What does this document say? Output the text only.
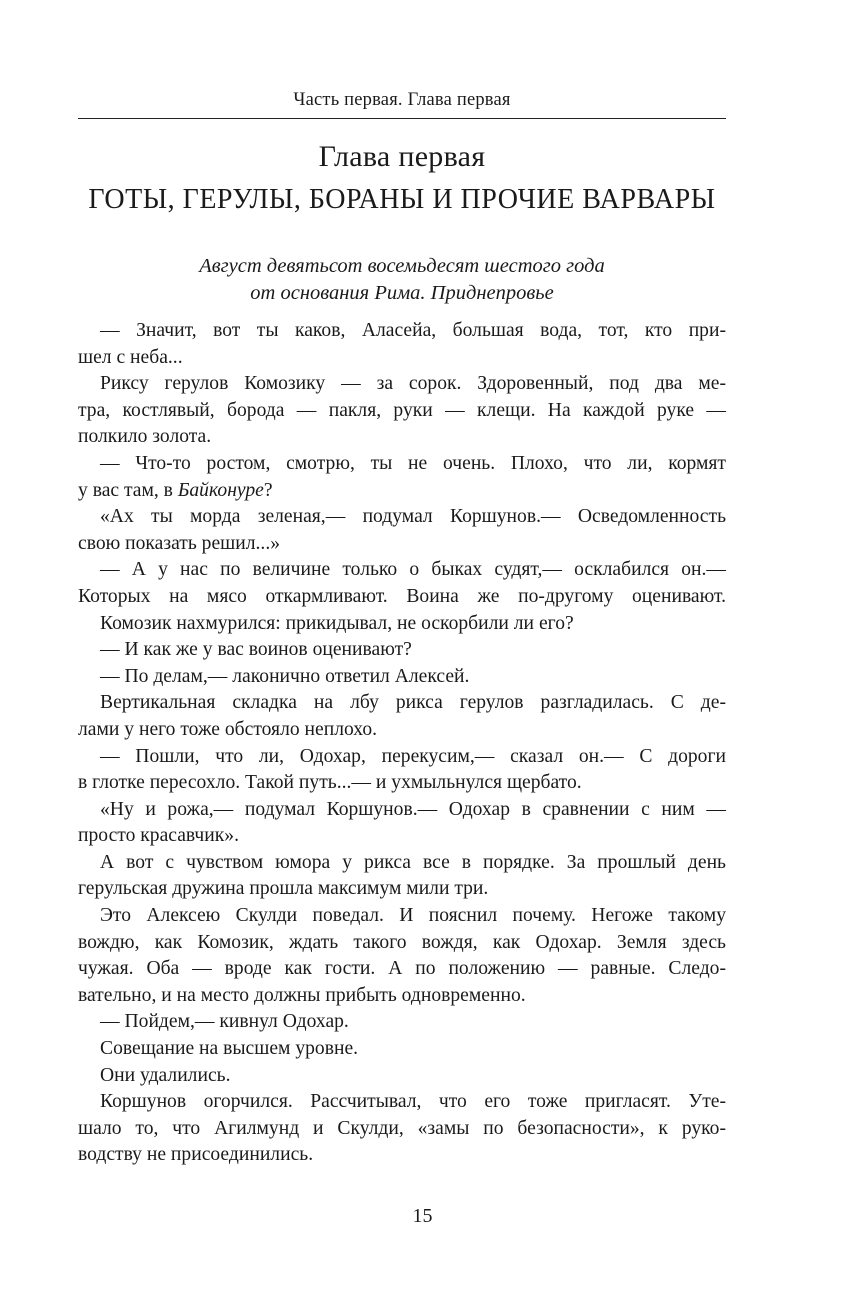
Часть первая. Глава первая
Глава первая
ГОТЫ, ГЕРУЛЫ, БОРАНЫ И ПРОЧИЕ ВАРВАРЫ
Август девятьсот восемьдесят шестого года
от основания Рима. Приднепровье
— Значит, вот ты каков, Аласейа, большая вода, тот, кто при-
шел с неба...
Риксу герулов Комозику — за сорок. Здоровенный, под два ме-
тра, костлявый, борода — пакля, руки — клещи. На каждой руке —
полкило золота.
— Что-то ростом, смотрю, ты не очень. Плохо, что ли, кормят
у вас там, в Байконуре?
«Ах ты морда зеленая,— подумал Коршунов.— Осведомленность
свою показать решил...»
— А у нас по величине только о быках судят,— осклабился он.—
Которых на мясо откармливают. Воина же по-другому оценивают.
Комозик нахмурился: прикидывал, не оскорбили ли его?
— И как же у вас воинов оценивают?
— По делам,— лаконично ответил Алексей.
Вертикальная складка на лбу рикса герулов разгладилась. С де-
лами у него тоже обстояло неплохо.
— Пошли, что ли, Одохар, перекусим,— сказал он.— С дороги
в глотке пересохло. Такой путь...— и ухмыльнулся щербато.
«Ну и рожа,— подумал Коршунов.— Одохар в сравнении с ним —
просто красавчик».
А вот с чувством юмора у рикса все в порядке. За прошлый день
герульская дружина прошла максимум мили три.
Это Алексею Скулди поведал. И пояснил почему. Негоже такому
вождю, как Комозик, ждать такого вождя, как Одохар. Земля здесь
чужая. Оба — вроде как гости. А по положению — равные. Следо-
вательно, и на место должны прибыть одновременно.
— Пойдем,— кивнул Одохар.
Совещание на высшем уровне.
Они удалились.
Коршунов огорчился. Рассчитывал, что его тоже пригласят. Уте-
шало то, что Агилмунд и Скулди, «замы по безопасности», к руко-
водству не присоединились.
15
